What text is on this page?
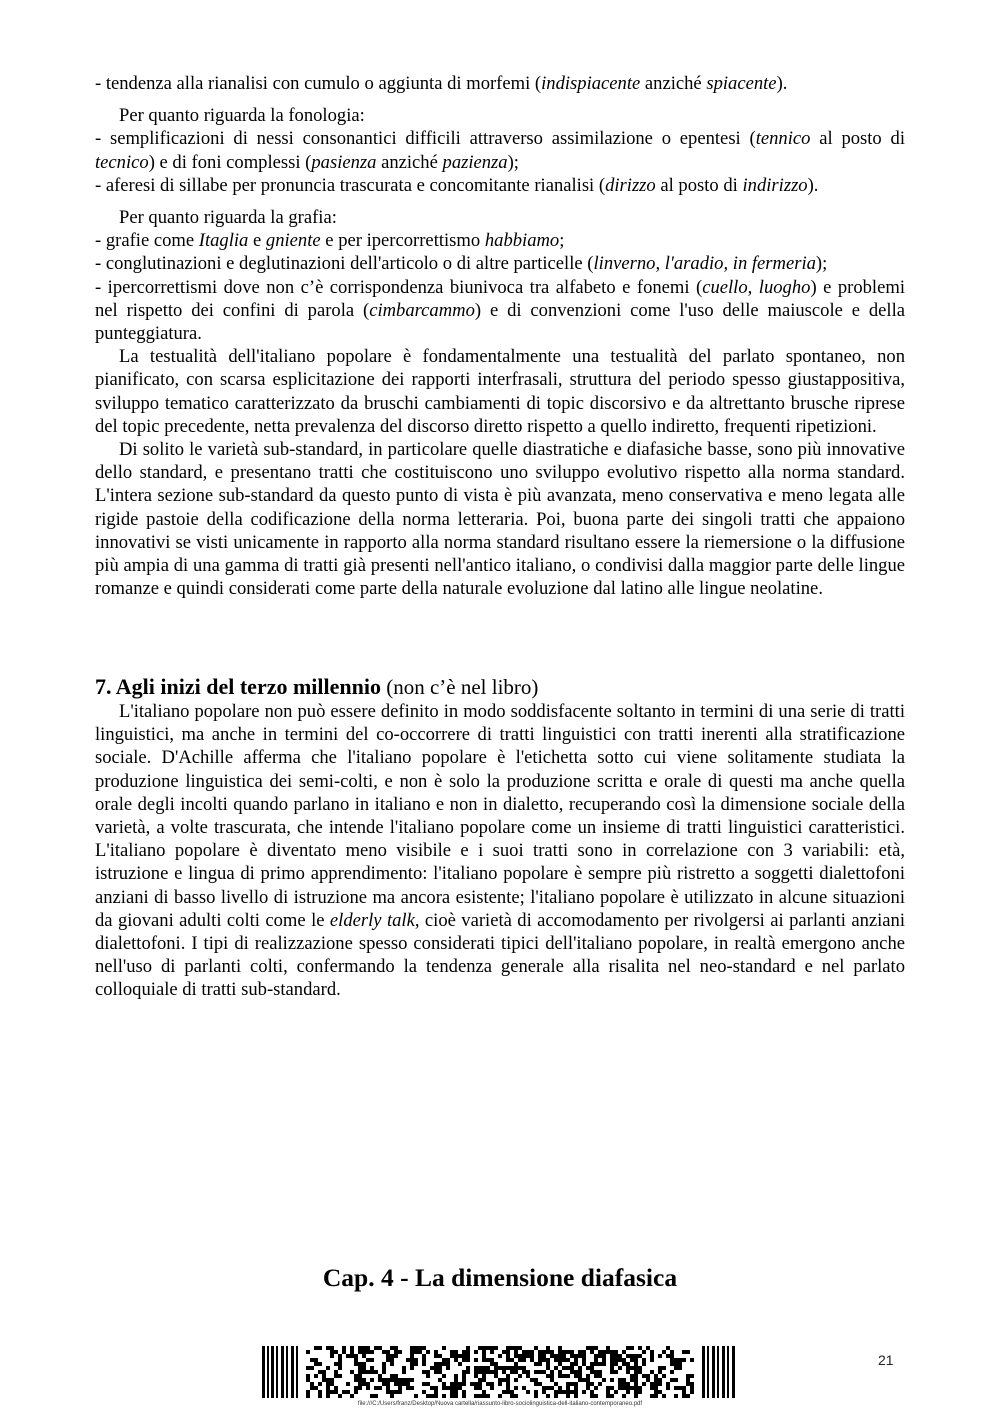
- tendenza alla rianalisi con cumulo o aggiunta di morfemi (indispiacente anziché spiacente).

Per quanto riguarda la fonologia:

- semplificazioni di nessi consonantici difficili attraverso assimilazione o epentesi (tennico al posto di tecnico) e di foni complessi (pasienza anziché pazienza);

- aferesi di sillabe per pronuncia trascurata e concomitante rianalisi (dirizzo al posto di indirizzo).

Per quanto riguarda la grafia:

- grafie come Itaglia e gniente e per ipercorrettismo habbiamo;

- conglutinazioni e deglutinazioni dell'articolo o di altre particelle (linverno, l'aradio, in fermeria);

- ipercorrettismi dove non c’è corrispondenza biunivoca tra alfabeto e fonemi (cuello, luogho) e problemi nel rispetto dei confini di parola (cimbarcammo) e di convenzioni come l'uso delle maiuscole e della punteggiatura.

La testualità dell'italiano popolare è fondamentalmente una testualità del parlato spontaneo, non pianificato, con scarsa esplicitazione dei rapporti interfrasali, struttura del periodo spesso giustappositiva, sviluppo tematico caratterizzato da bruschi cambiamenti di topic discorsivo e da altrettanto brusche riprese del topic precedente, netta prevalenza del discorso diretto rispetto a quello indiretto, frequenti ripetizioni.

Di solito le varietà sub-standard, in particolare quelle diastratiche e diafasiche basse, sono più innovative dello standard, e presentano tratti che costituiscono uno sviluppo evolutivo rispetto alla norma standard. L'intera sezione sub-standard da questo punto di vista è più avanzata, meno conservativa e meno legata alle rigide pastoie della codificazione della norma letteraria. Poi, buona parte dei singoli tratti che appaiono innovativi se visti unicamente in rapporto alla norma standard risultano essere la riemersione o la diffusione più ampia di una gamma di tratti già presenti nell'antico italiano, o condivisi dalla maggior parte delle lingue romanze e quindi considerati come parte della naturale evoluzione dal latino alle lingue neolatine.

7. Agli inizi del terzo millennio (non c’è nel libro)

L'italiano popolare non può essere definito in modo soddisfacente soltanto in termini di una serie di tratti linguistici, ma anche in termini del co-occorrere di tratti linguistici con tratti inerenti alla stratificazione sociale. D'Achille afferma che l'italiano popolare è l'etichetta sotto cui viene solitamente studiata la produzione linguistica dei semi-colti, e non è solo la produzione scritta e orale di questi ma anche quella orale degli incolti quando parlano in italiano e non in dialetto, recuperando così la dimensione sociale della varietà, a volte trascurata, che intende l'italiano popolare come un insieme di tratti linguistici caratteristici. L'italiano popolare è diventato meno visibile e i suoi tratti sono in correlazione con 3 variabili: età, istruzione e lingua di primo apprendimento: l'italiano popolare è sempre più ristretto a soggetti dialettofoni anziani di basso livello di istruzione ma ancora esistente; l'italiano popolare è utilizzato in alcune situazioni da giovani adulti colti come le elderly talk, cioè varietà di accomodamento per rivolgersi ai parlanti anziani dialettofoni. I tipi di realizzazione spesso considerati tipici dell'italiano popolare, in realtà emergono anche nell'uso di parlanti colti, confermando la tendenza generale alla risalita nel neo-standard e nel parlato colloquiale di tratti sub-standard.

Cap. 4 - La dimensione diafasica
21
file:///C:/Users/franz/Desktop/Nuova cartella/riassunto-libro-sociolinguistica-dell-italiano-contemporaneo.pdf
